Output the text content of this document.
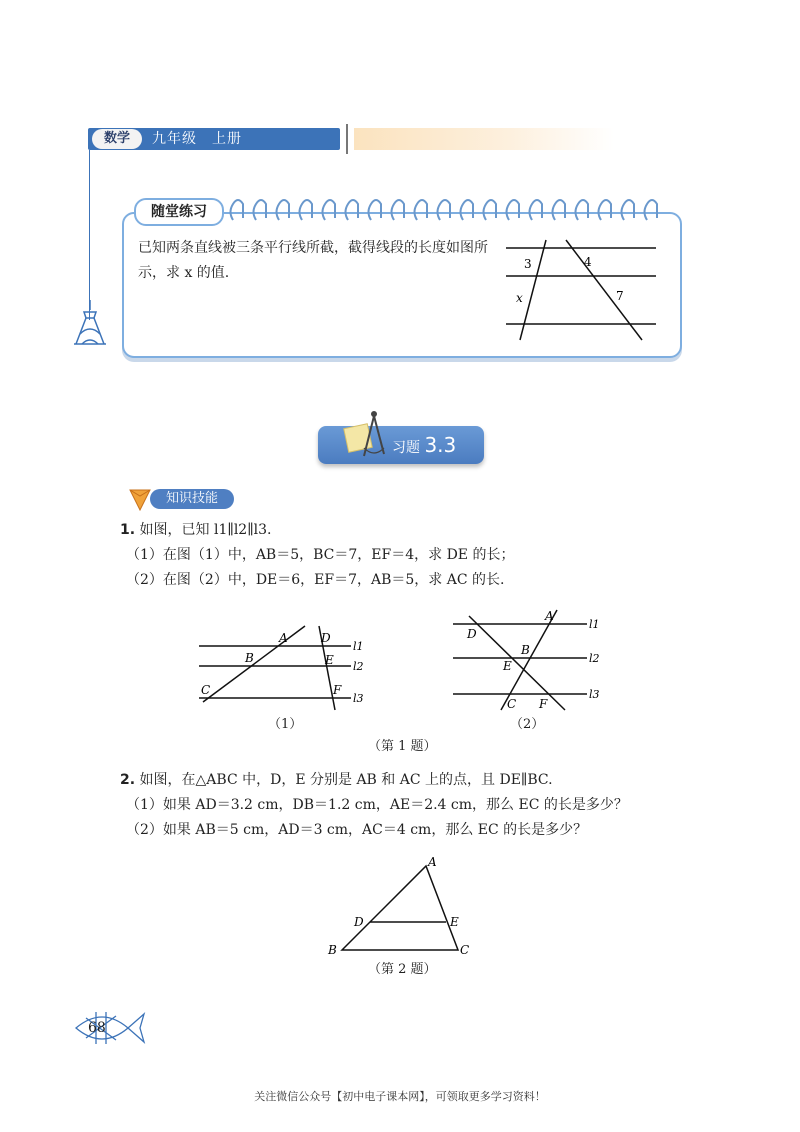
数学	九年级　上册
随堂练习
已知两条直线被三条平行线所截，截得线段的长度如图所示，求 x 的值.
3	4
x	7
习题 3.3
知识技能
1. 如图，已知 l1∥l2∥l3.
（1）在图（1）中，AB＝5，BC＝7，EF＝4，求 DE 的长；
（2）在图（2）中，DE＝6，EF＝7，AB＝5，求 AC 的长.
A	D
B	E
C	F
l1
l2
l3
（1）
A
D
B
E
C F
l1
l2
l3
（2）
（第 1 题）
2. 如图，在△ABC 中，D，E 分别是 AB 和 AC 上的点，且 DE∥BC.
（1）如果 AD＝3.2 cm，DB＝1.2 cm，AE＝2.4 cm，那么 EC 的长是多少？
（2）如果 AB＝5 cm，AD＝3 cm，AC＝4 cm，那么 EC 的长是多少？
A
D	E
B	C
（第 2 题）
68
关注微信公众号【初中电子课本网】，可领取更多学习资料！
